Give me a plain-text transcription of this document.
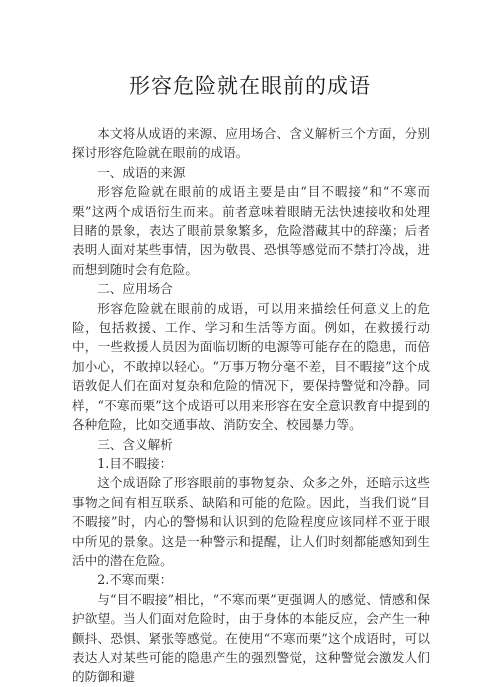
形容危险就在眼前的成语

本文将从成语的来源、应用场合、含义解析三个方面，分别探讨形容危险就在眼前的成语。

一、成语的来源

形容危险就在眼前的成语主要是由“目不暇接”和“不寒而栗”这两个成语衍生而来。前者意味着眼睛无法快速接收和处理目睹的景象，表达了眼前景象繁多，危险潜藏其中的辞藻；后者表明人面对某些事情，因为敬畏、恐惧等感觉而不禁打冷战，进而想到随时会有危险。

二、应用场合

形容危险就在眼前的成语，可以用来描绘任何意义上的危险，包括救援、工作、学习和生活等方面。例如，在救援行动中，一些救援人员因为面临切断的电源等可能存在的隐患，而倍加小心，不敢掉以轻心。“万事万物分毫不差，目不暇接”这个成语敦促人们在面对复杂和危险的情况下，要保持警觉和冷静。同样，“不寒而栗”这个成语可以用来形容在安全意识教育中提到的各种危险，比如交通事故、消防安全、校园暴力等。

三、含义解析

1.目不暇接：

这个成语除了形容眼前的事物复杂、众多之外，还暗示这些事物之间有相互联系、缺陷和可能的危险。因此，当我们说“目不暇接”时，内心的警惕和认识到的危险程度应该同样不亚于眼中所见的景象。这是一种警示和提醒，让人们时刻都能感知到生活中的潜在危险。

2.不寒而栗：

与“目不暇接”相比，“不寒而栗”更强调人的感觉、情感和保护欲望。当人们面对危险时，由于身体的本能反应，会产生一种颤抖、恐惧、紧张等感觉。在使用“不寒而栗”这个成语时，可以表达人对某些可能的隐患产生的强烈警觉，这种警觉会激发人们的防御和避
